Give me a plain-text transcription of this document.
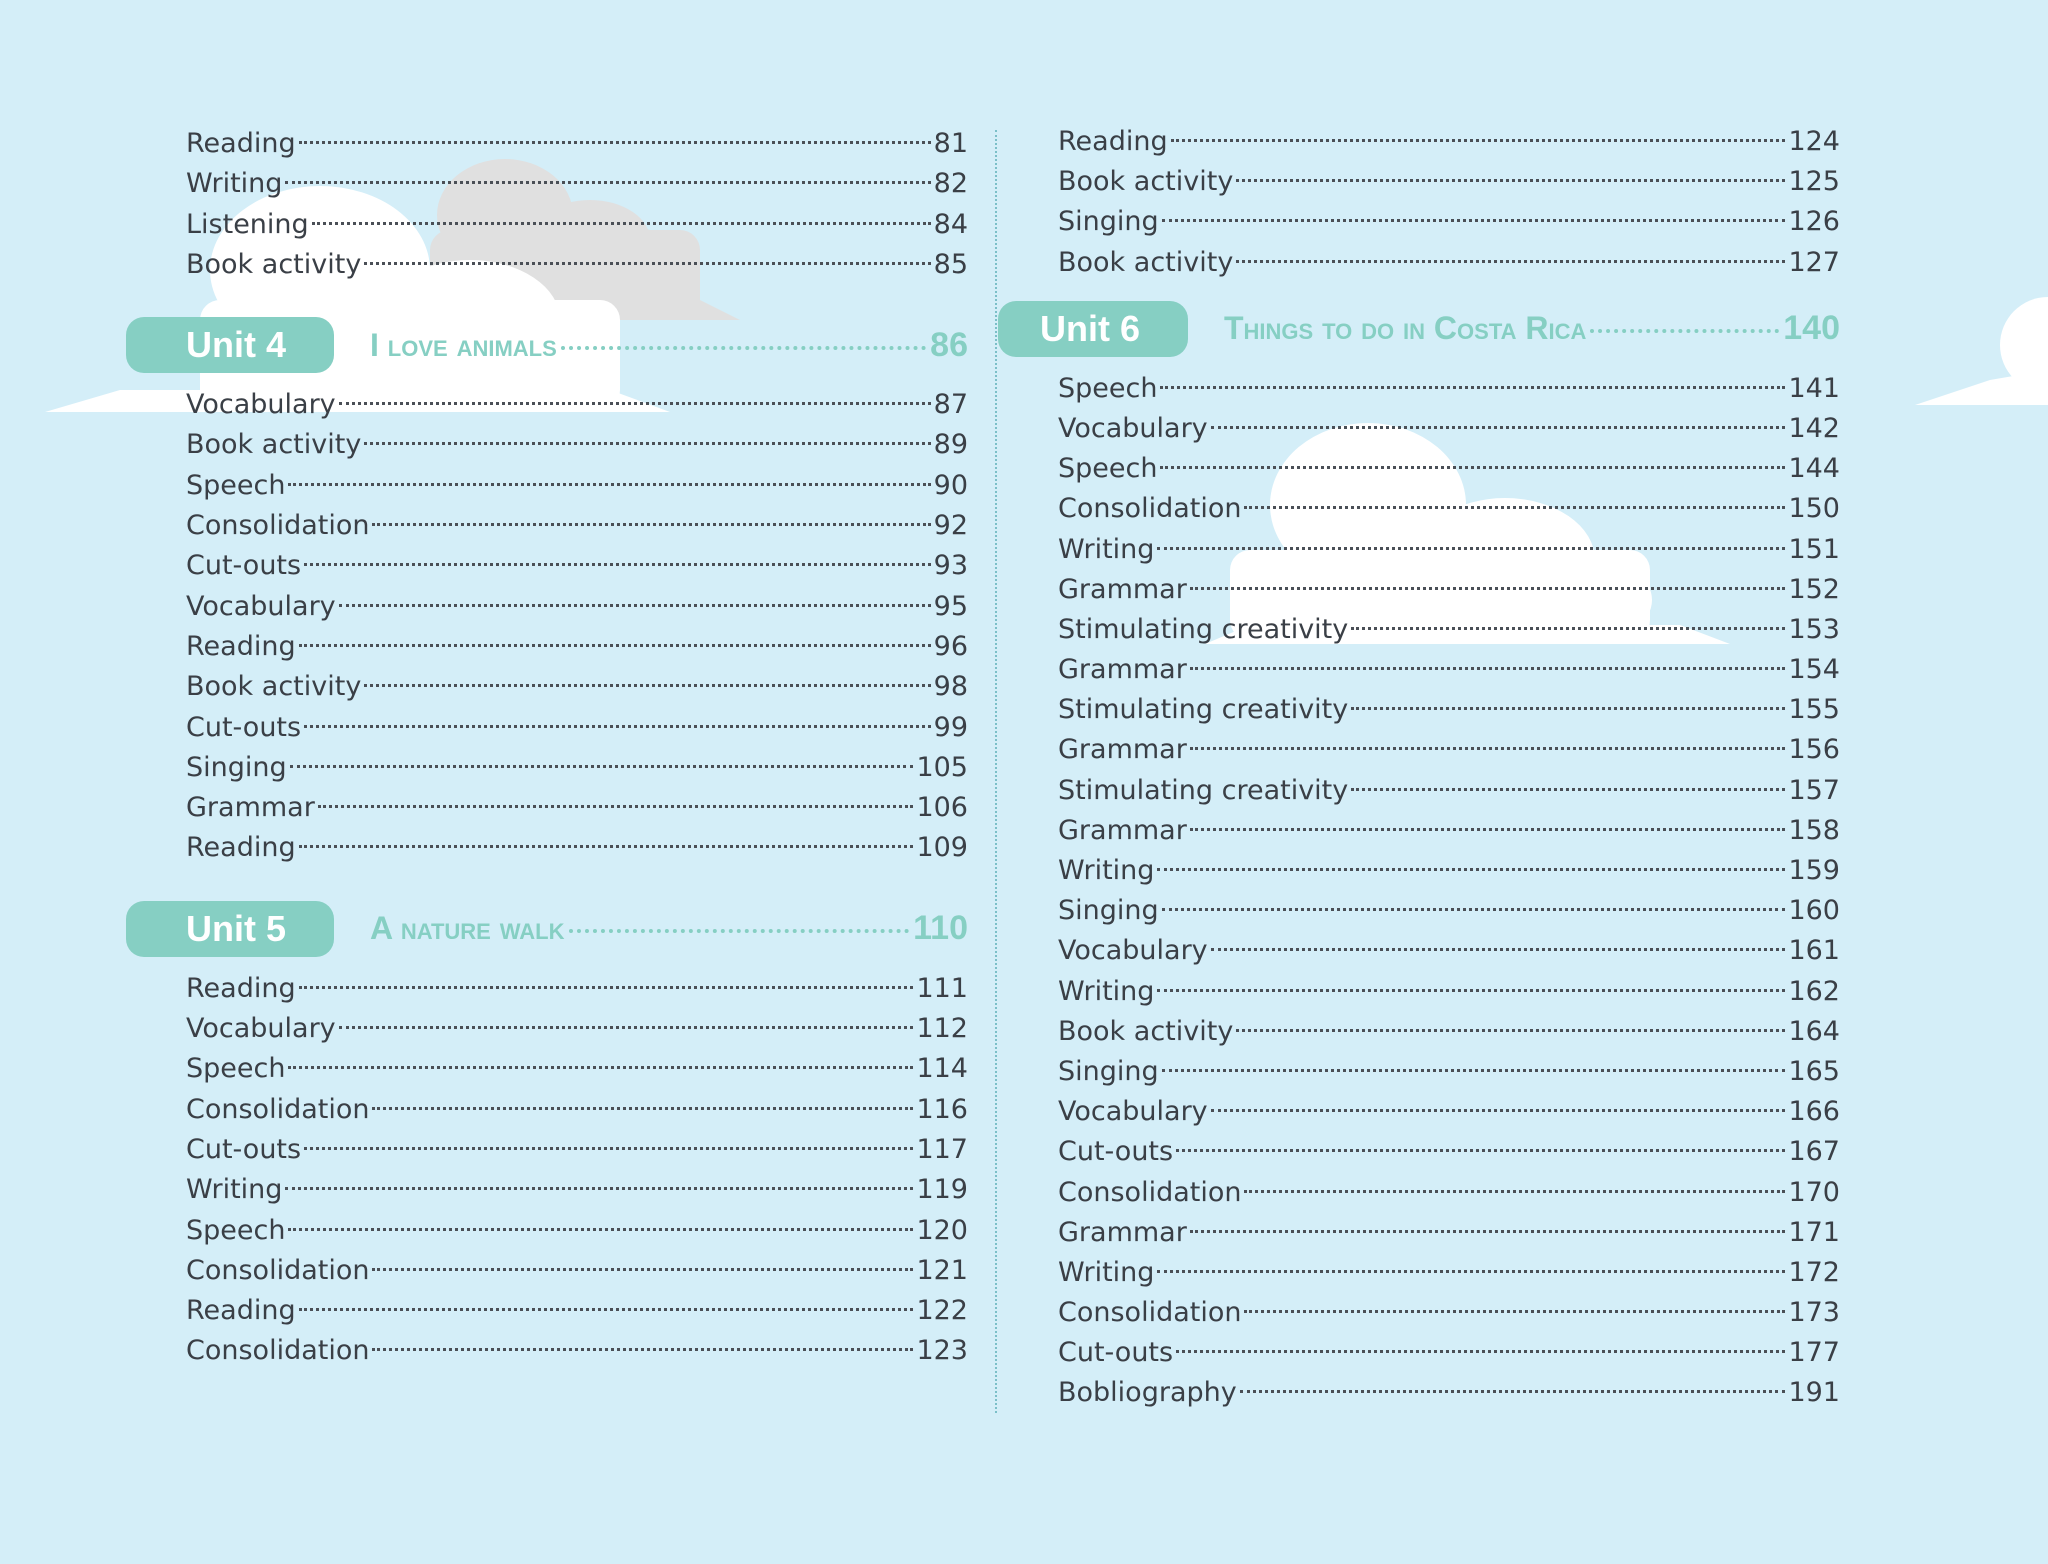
Reading	81
Writing	82
Listening	84
Book activity	85
Unit 4	I love animals	86
Vocabulary	87
Book activity	89
Speech	90
Consolidation	92
Cut-outs	93
Vocabulary	95
Reading	96
Book activity	98
Cut-outs	99
Singing	105
Grammar	106
Reading	109
Unit 5	A nature walk	110
Reading	111
Vocabulary	112
Speech	114
Consolidation	116
Cut-outs	117
Writing	119
Speech	120
Consolidation	121
Reading	122
Consolidation	123
Reading	124
Book activity	125
Singing	126
Book activity	127
Unit 6	Things to do in Costa Rica	140
Speech	141
Vocabulary	142
Speech	144
Consolidation	150
Writing	151
Grammar	152
Stimulating creativity	153
Grammar	154
Stimulating creativity	155
Grammar	156
Stimulating creativity	157
Grammar	158
Writing	159
Singing	160
Vocabulary	161
Writing	162
Book activity	164
Singing	165
Vocabulary	166
Cut-outs	167
Consolidation	170
Grammar	171
Writing	172
Consolidation	173
Cut-outs	177
Bobliography	191
